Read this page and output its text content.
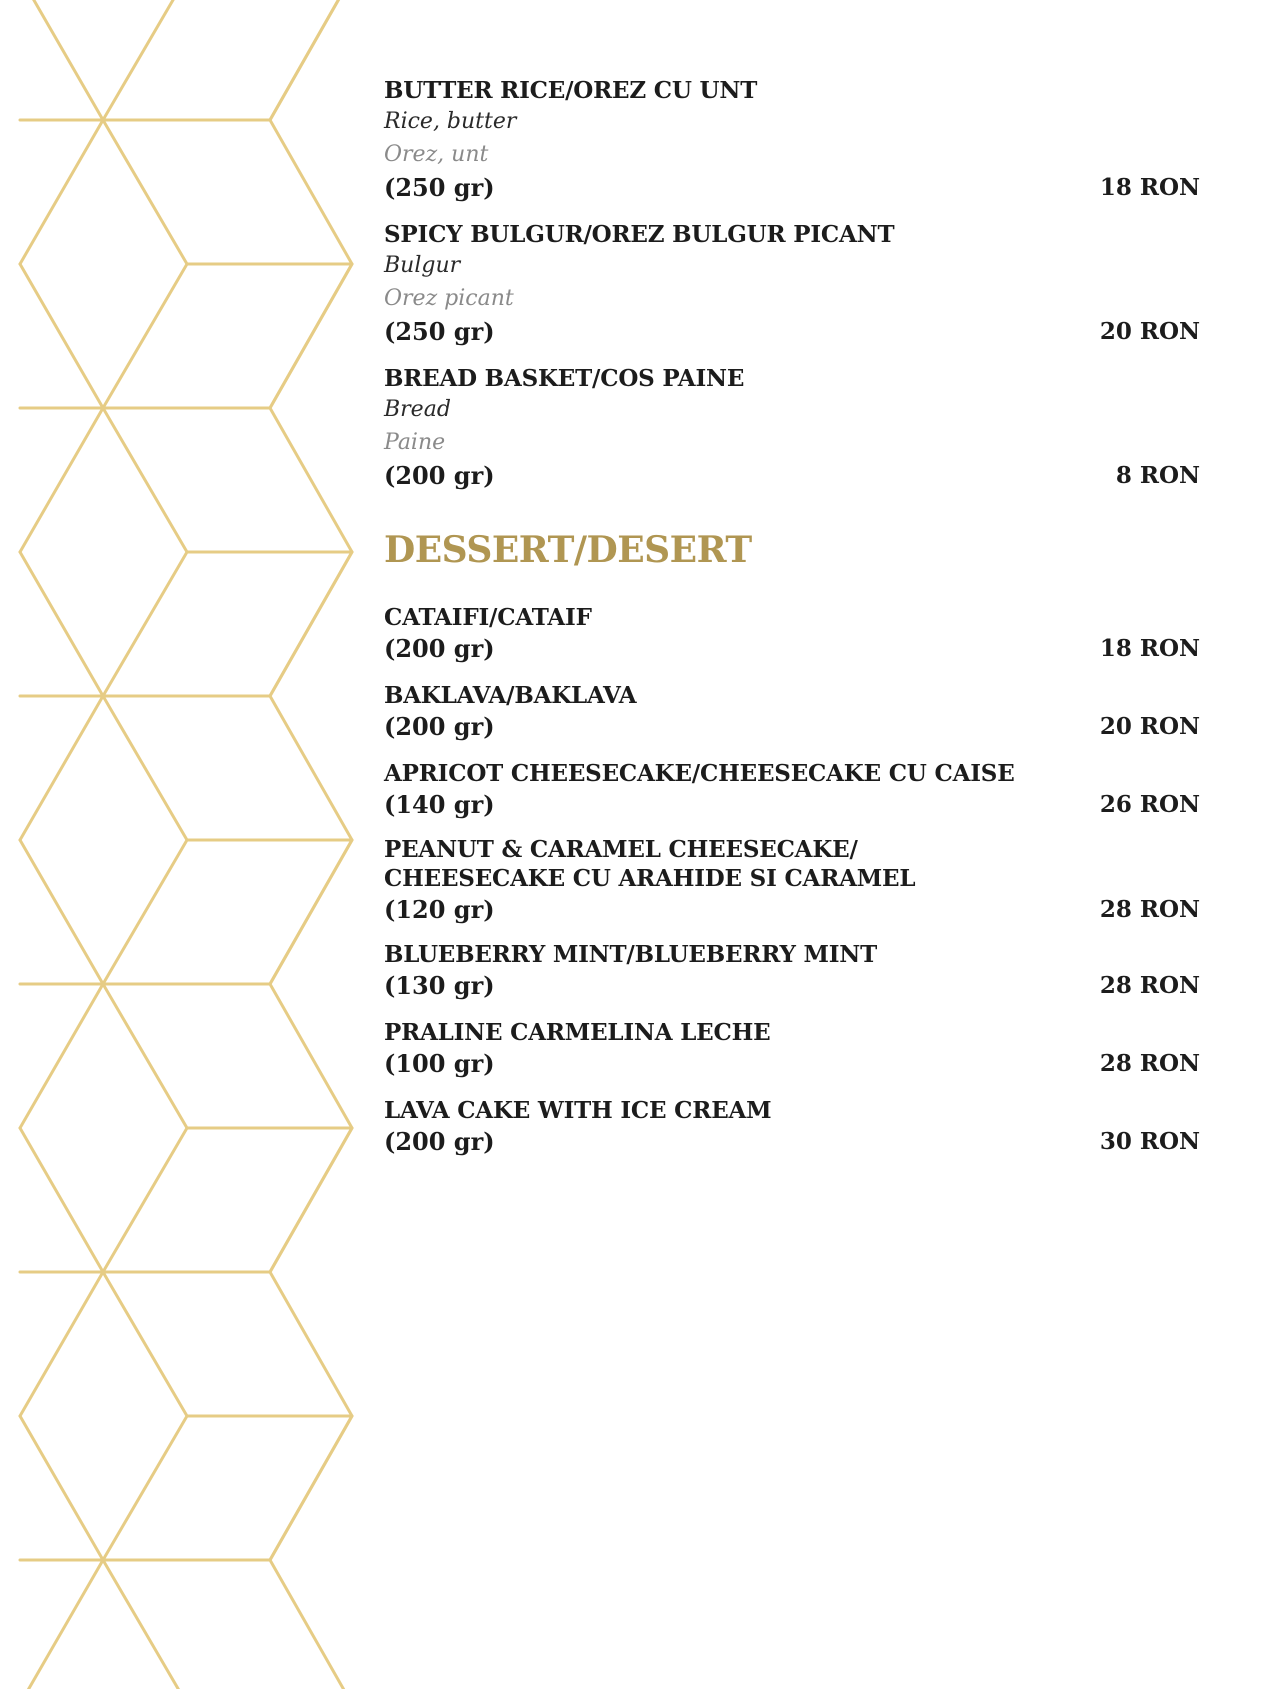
BUTTER RICE/OREZ CU UNT
Rice, butter
Orez, unt
(250 gr)	18 RON
SPICY BULGUR/OREZ BULGUR PICANT
Bulgur
Orez picant
(250 gr)	20 RON
BREAD BASKET/COS PAINE
Bread
Paine
(200 gr)	8 RON
DESSERT/DESERT
CATAIFI/CATAIF
(200 gr)	18 RON
BAKLAVA/BAKLAVA
(200 gr)	20 RON
APRICOT CHEESECAKE/CHEESECAKE CU CAISE
(140 gr)	26 RON
PEANUT & CARAMEL CHEESECAKE/
CHEESECAKE CU ARAHIDE SI CARAMEL
(120 gr)	28 RON
BLUEBERRY MINT/BLUEBERRY MINT
(130 gr)	28 RON
PRALINE CARMELINA LECHE
(100 gr)	28 RON
LAVA CAKE WITH ICE CREAM
(200 gr)	30 RON
